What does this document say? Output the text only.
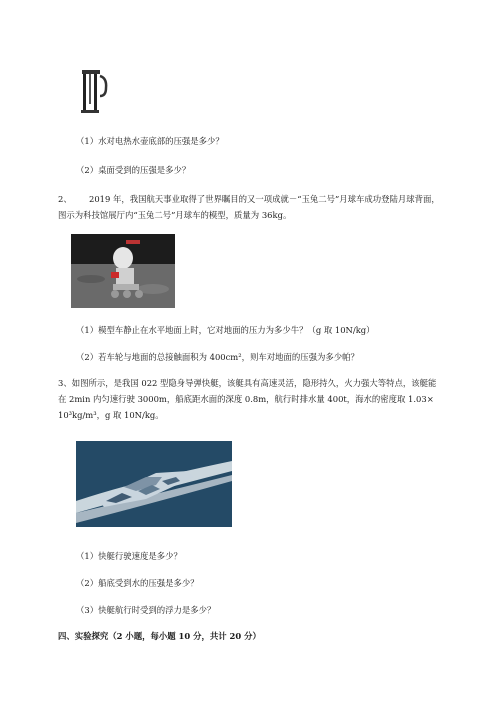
（1）水对电热水壶底部的压强是多少？
（2）桌面受到的压强是多少？
2、 2019 年，我国航天事业取得了世界瞩目的又一项成就－“玉兔二号”月球车成功登陆月球背面，
图示为科技馆展厅内“玉兔二号”月球车的模型，质量为 36kg。
（1）模型车静止在水平地面上时，它对地面的压力为多少牛？（g 取 10N/kg）
（2）若车轮与地面的总接触面积为 400cm²，则车对地面的压强为多少帕？
3、如图所示，是我国 022 型隐身导弹快艇，该艇具有高速灵活，隐形持久，火力强大等特点，该艇能
在 2min 内匀速行驶 3000m，船底距水面的深度 0.8m，航行时排水量 400t，海水的密度取 1.03×
10³kg/m³，g 取 10N/kg。
（1）快艇行驶速度是多少？
（2）船底受到水的压强是多少？
（3）快艇航行时受到的浮力是多少？
四、实验探究（2 小题，每小题 10 分，共计 20 分）
